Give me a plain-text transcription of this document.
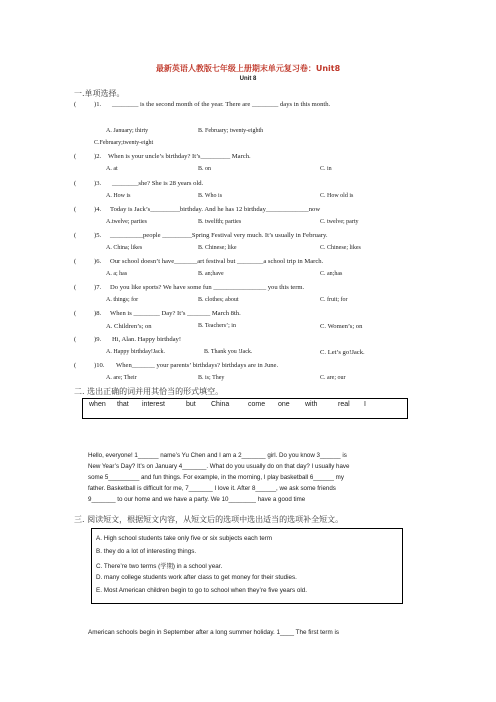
最新英语人教版七年级上册期末单元复习卷：Unit8
Unit 8
一.单项选择。
(	)1. ________ is the second month of the year. There are ________ days in this month.
A. January; thirty	B. February; twenty-eighth
C.February;twenty-eight
(	)2. When is your uncle’s birthday? It’s_________ March.
A. at	B. on	C. in
(	)3. ________she? She is 28 years old.
A. How is	B. Who is	C. How old is
(	)4. Today is Jack’s_________birthday. And he has 12 birthday_____________now
A.twelve; parties	B. twelfth; parties	C. twelve; party
(	)5. __________people _________Spring Festival very much. It’s usually in February.
A. China; likes	B. Chinese; like	C. Chinese; likes
(	)6. Our school doesn’t have_______art festival but ________a school trip in March.
A. a; has	B. an;have	C. an;has
(	)7. Do you like sports? We have some fun ________________ you this term.
A. things; for	B. clothes; about	C. fruit; for
(	)8. When is ________ Day? It’s _______ March 8th.
A. Children’s; on	B. Teachers’; in	C. Women’s; on
(	)9. Hi, Alan. Happy birthday!
A. Happy birthday!Jack.	B. Thank you !Jack.	C. Let’s go!Jack.
(	)10. When_______ your parents’ birthdays? birthdays are in June.
A. are; Their	B. is; They	C. are; our
二. 选出正确的词并用其恰当的形式填空。
when that interest	but China	come one with	real I
Hello, everyone! 1______ name’s Yu Chen and I am a 2_______ girl. Do you know 3______ is
New Year’s Day? It’s on January 4_______. What do you usually do on that day? I usually have
some 5_________ and fun things. For example, in the morning, I play basketball 6______ my
father. Basketball is difficult for me, 7_______ I love it. After 8______, we ask some friends
9_______ to our home and we have a party. We 10________ have a good time
三. 阅读短文，根据短文内容，从短文后的选项中选出适当的选项补全短文。
A. High school students take only five or six subjects each term
B. they do a lot of interesting things.
C. There’re two terms (学期) in a school year.
D. many college students work after class to get money for their studies.
E. Most American children begin to go to school when they’re five years old.
American schools begin in September after a long summer holiday. 1____ The first term is
